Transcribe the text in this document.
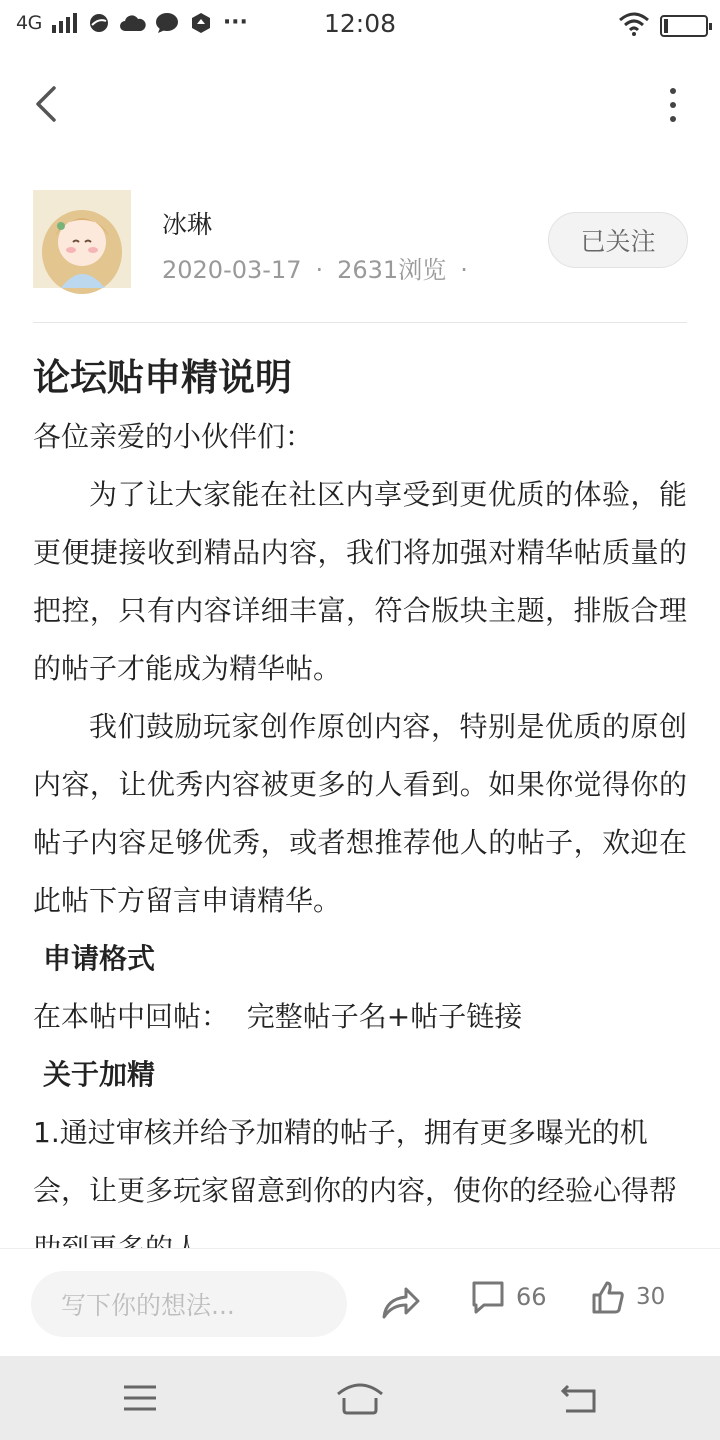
4G	···	12:08
冰琳
2020-03-17 · 2631浏览 ·
已关注
论坛贴申精说明
各位亲爱的小伙伴们：
为了让大家能在社区内享受到更优质的体验，能更便捷接收到精品内容，我们将加强对精华帖质量的把控，只有内容详细丰富，符合版块主题，排版合理的帖子才能成为精华帖。
我们鼓励玩家创作原创内容，特别是优质的原创内容，让优秀内容被更多的人看到。如果你觉得你的帖子内容足够优秀，或者想推荐他人的帖子，欢迎在此帖下方留言申请精华。
申请格式
在本帖中回帖：  完整帖子名+帖子链接
关于加精
1.通过审核并给予加精的帖子，拥有更多曝光的机会，让更多玩家留意到你的内容，使你的经验心得帮
写下你的想法...	66	30
